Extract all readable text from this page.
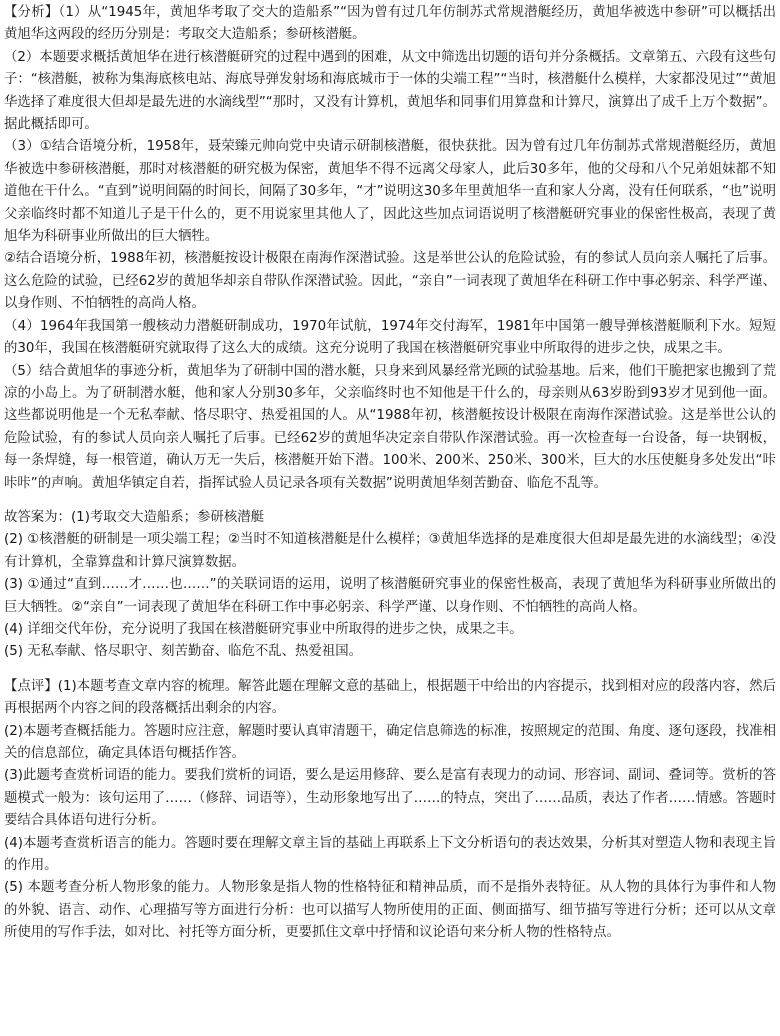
【分析】（1）从“1945年，黄旭华考取了交大的造船系”“因为曾有过几年仿制苏式常规潜艇经历，黄旭华被选中参研”可以概括出黄旭华这两段的经历分别是：考取交大造船系；参研核潜艇。

（2）本题要求概括黄旭华在进行核潜艇研究的过程中遇到的困难，从文中筛选出切题的语句并分条概括。文章第五、六段有这些句子：“核潜艇，被称为集海底核电站、海底导弹发射场和海底城市于一体的尖端工程”“当时，核潜艇什么模样，大家都没见过”“黄旭华选择了难度很大但却是最先进的水滴线型”“那时，又没有计算机，黄旭华和同事们用算盘和计算尺，演算出了成千上万个数据”。据此概括即可。

（3）①结合语境分析，1958年，聂荣臻元帅向党中央请示研制核潜艇，很快获批。因为曾有过几年仿制苏式常规潜艇经历，黄旭华被选中参研核潜艇，那时对核潜艇的研究极为保密，黄旭华不得不远离父母家人，此后30多年，他的父母和八个兄弟姐妹都不知道他在干什么。“直到”说明间隔的时间长，间隔了30多年，“才”说明这30多年里黄旭华一直和家人分离，没有任何联系，“也”说明父亲临终时都不知道儿子是干什么的，更不用说家里其他人了，因此这些加点词语说明了核潜艇研究事业的保密性极高，表现了黄旭华为科研事业所做出的巨大牺牲。

②结合语境分析，1988年初，核潜艇按设计极限在南海作深潜试验。这是举世公认的危险试验，有的参试人员向亲人嘱托了后事。这么危险的试验，已经62岁的黄旭华却亲自带队作深潜试验。因此，“亲自”一词表现了黄旭华在科研工作中事必躬亲、科学严谨、以身作则、不怕牺牲的高尚人格。

（4）1964年我国第一艘核动力潜艇研制成功，1970年试航，1974年交付海军，1981年中国第一艘导弹核潜艇顺利下水。短短的30年，我国在核潜艇研究就取得了这么大的成绩。这充分说明了我国在核潜艇研究事业中所取得的进步之快，成果之丰。

（5）结合黄旭华的事迹分析，黄旭华为了研制中国的潜水艇，只身来到风暴经常光顾的试验基地。后来，他们干脆把家也搬到了荒凉的小岛上。为了研制潜水艇，他和家人分别30多年，父亲临终时也不知他是干什么的，母亲则从63岁盼到93岁才见到他一面。这些都说明他是一个无私奉献、恪尽职守、热爱祖国的人。从“1988年初，核潜艇按设计极限在南海作深潜试验。这是举世公认的危险试验，有的参试人员向亲人嘱托了后事。已经62岁的黄旭华决定亲自带队作深潜试验。再一次检查每一台设备，每一块钢板，每一条焊缝，每一根管道，确认万无一失后，核潜艇开始下潜。100米、200米、250米、300米，巨大的水压使艇身多处发出“咔咔咔”的声响。黄旭华镇定自若，指挥试验人员记录各项有关数据”说明黄旭华刻苦勤奋、临危不乱等。

故答案为：(1)考取交大造船系；参研核潜艇

(2) ①核潜艇的研制是一项尖端工程；②当时不知道核潜艇是什么模样；③黄旭华选择的是难度很大但却是最先进的水滴线型；④没有计算机，全靠算盘和计算尺演算数据。

(3) ①通过“直到……才……也……”的关联词语的运用，说明了核潜艇研究事业的保密性极高，表现了黄旭华为科研事业所做出的巨大牺牲。②“亲自”一词表现了黄旭华在科研工作中事必躬亲、科学严谨、以身作则、不怕牺牲的高尚人格。

(4) 详细交代年份，充分说明了我国在核潜艇研究事业中所取得的进步之快，成果之丰。

(5) 无私奉献、恪尽职守、刻苦勤奋、临危不乱、热爱祖国。

【点评】(1)本题考查文章内容的梳理。解答此题在理解文意的基础上，根据题干中给出的内容提示，找到相对应的段落内容，然后再根据两个内容之间的段落概括出剩余的内容。

(2)本题考查概括能力。答题时应注意，解题时要认真审清题干，确定信息筛选的标准，按照规定的范围、角度、逐句逐段，找准相关的信息部位，确定具体语句概括作答。

(3)此题考查赏析词语的能力。要我们赏析的词语，要么是运用修辞、要么是富有表现力的动词、形容词、副词、叠词等。赏析的答题模式一般为：该句运用了……（修辞、词语等），生动形象地写出了……的特点，突出了……品质，表达了作者……情感。答题时要结合具体语句进行分析。

(4)本题考查赏析语言的能力。答题时要在理解文章主旨的基础上再联系上下文分析语句的表达效果，分析其对塑造人物和表现主旨的作用。

(5) 本题考查分析人物形象的能力。人物形象是指人物的性格特征和精神品质，而不是指外表特征。从人物的具体行为事件和人物的外貌、语言、动作、心理描写等方面进行分析：也可以描写人物所使用的正面、侧面描写、细节描写等进行分析；还可以从文章所使用的写作手法，如对比、衬托等方面分析，更要抓住文章中抒情和议论语句来分析人物的性格特点。
